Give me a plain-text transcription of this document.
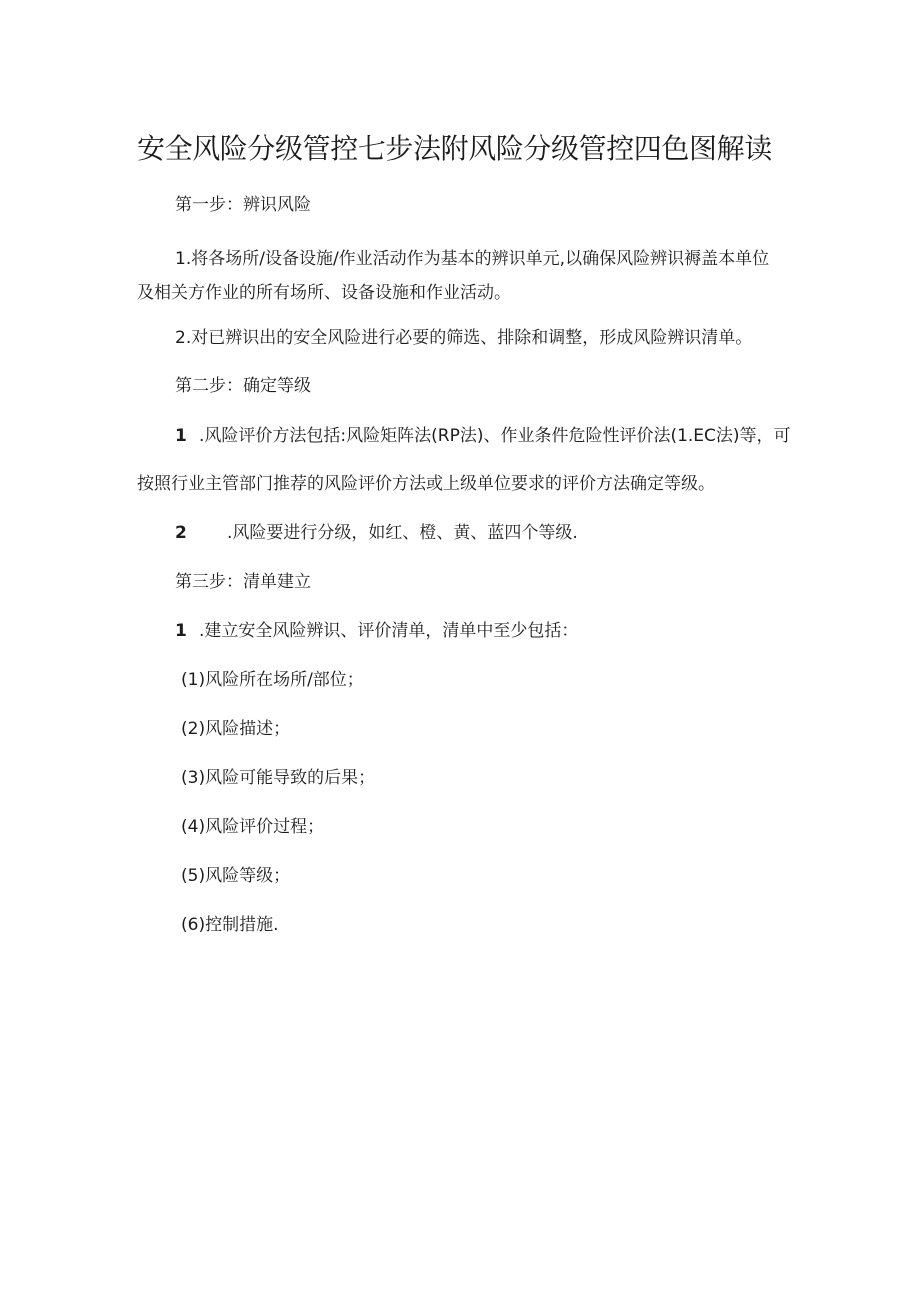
安全风险分级管控七步法附风险分级管控四色图解读
第一步：辨识风险
1.将各场所/设备设施/作业活动作为基本的辨识单元,以确保风险辨识褥盖本单位
及相关方作业的所有场所、设备设施和作业活动。
2.对已辨识出的安全风险进行必要的筛选、排除和调整，形成风险辨识清单。
第二步：确定等级
1 .风险评价方法包括:风险矩阵法(RP法)、作业条件危险性评价法(1.EC法)等，可
按照行业主管部门推荐的风险评价方法或上级单位要求的评价方法确定等级。
2 .风险要进行分级，如红、橙、黄、蓝四个等级.
第三步：清单建立
1 .建立安全风险辨识、评价清单，清单中至少包括：
(1)风险所在场所/部位；
(2)风险描述；
(3)风险可能导致的后果；
(4)风险评价过程；
(5)风险等级；
(6)控制措施.
